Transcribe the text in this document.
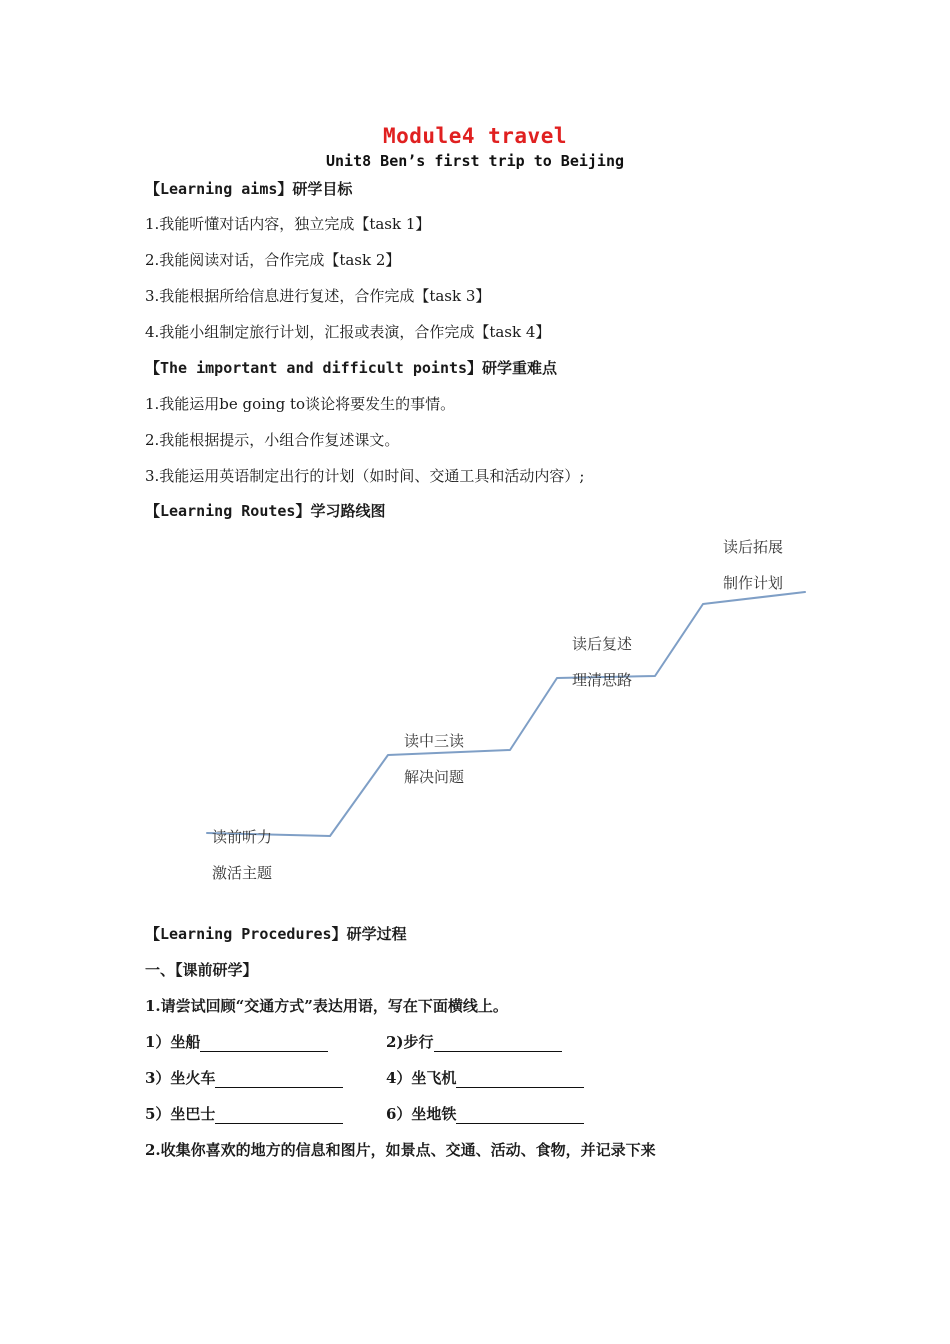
Module4 travel
Unit8 Ben’s first trip to Beijing
【Learning aims】研学目标
1.我能听懂对话内容，独立完成【task 1】
2.我能阅读对话，合作完成【task 2】
3.我能根据所给信息进行复述，合作完成【task 3】
4.我能小组制定旅行计划，汇报或表演，合作完成【task 4】
【The important and difficult points】研学重难点
1.我能运用be going to谈论将要发生的事情。
2.我能根据提示，小组合作复述课文。
3.我能运用英语制定出行的计划（如时间、交通工具和活动内容）;
【Learning Routes】学习路线图
读前听力
激活主题
读中三读
解决问题
读后复述
理清思路
读后拓展
制作计划
【Learning Procedures】研学过程
一、【课前研学】
1.请尝试回顾“交通方式”表达用语，写在下面横线上。
1）坐船	2)步行
3）坐火车	4）坐飞机
5）坐巴士	6）坐地铁
2.收集你喜欢的地方的信息和图片，如景点、交通、活动、食物，并记录下来
